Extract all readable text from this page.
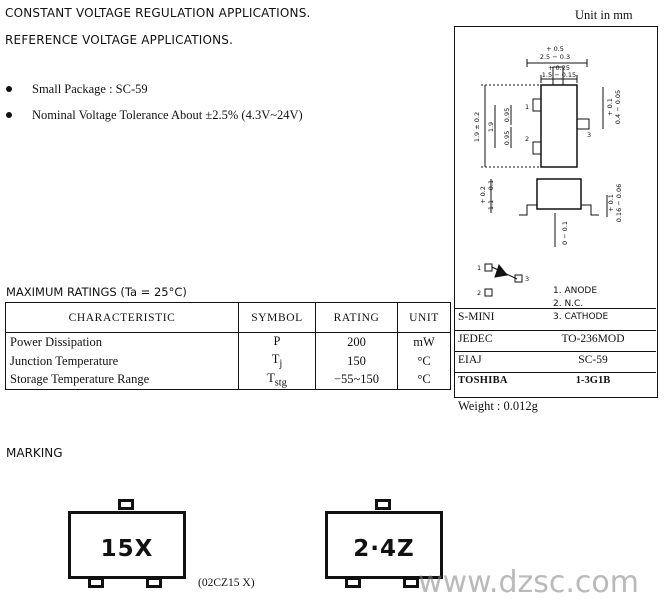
CONSTANT VOLTAGE REGULATION APPLICATIONS.
REFERENCE VOLTAGE APPLICATIONS.
Small Package : SC-59
Nominal Voltage Tolerance About ±2.5% (4.3V~24V)
Unit in mm
+ 0.5
2.5 − 0.3
+ 0.25
1.5 − 0.15
1.9 ± 0.2 1.9
0.95
0.95
1
2	3
+ 0.1 0.4 − 0.05
+ 0.2 1.1 − 0.1	+ 0.1 0.16 − 0.06
0 − 0.1
1
2
3
1. ANODE
2. N.C.
3. CATHODE
S-MINI
JEDEC	TO-236MOD
EIAJ	SC-59
TOSHIBA	1-3G1B
Weight : 0.012g
MAXIMUM RATINGS (Ta = 25°C)
CHARACTERISTIC	SYMBOL	RATING	UNIT
Power Dissipation	P	200	mW
Junction Temperature	$T_j$	150	°C
Storage Temperature Range	$T_{stg}$	−55~150	°C
MARKING
15X	2·4Z
(02CZ15 X)	www.dzsc.com
